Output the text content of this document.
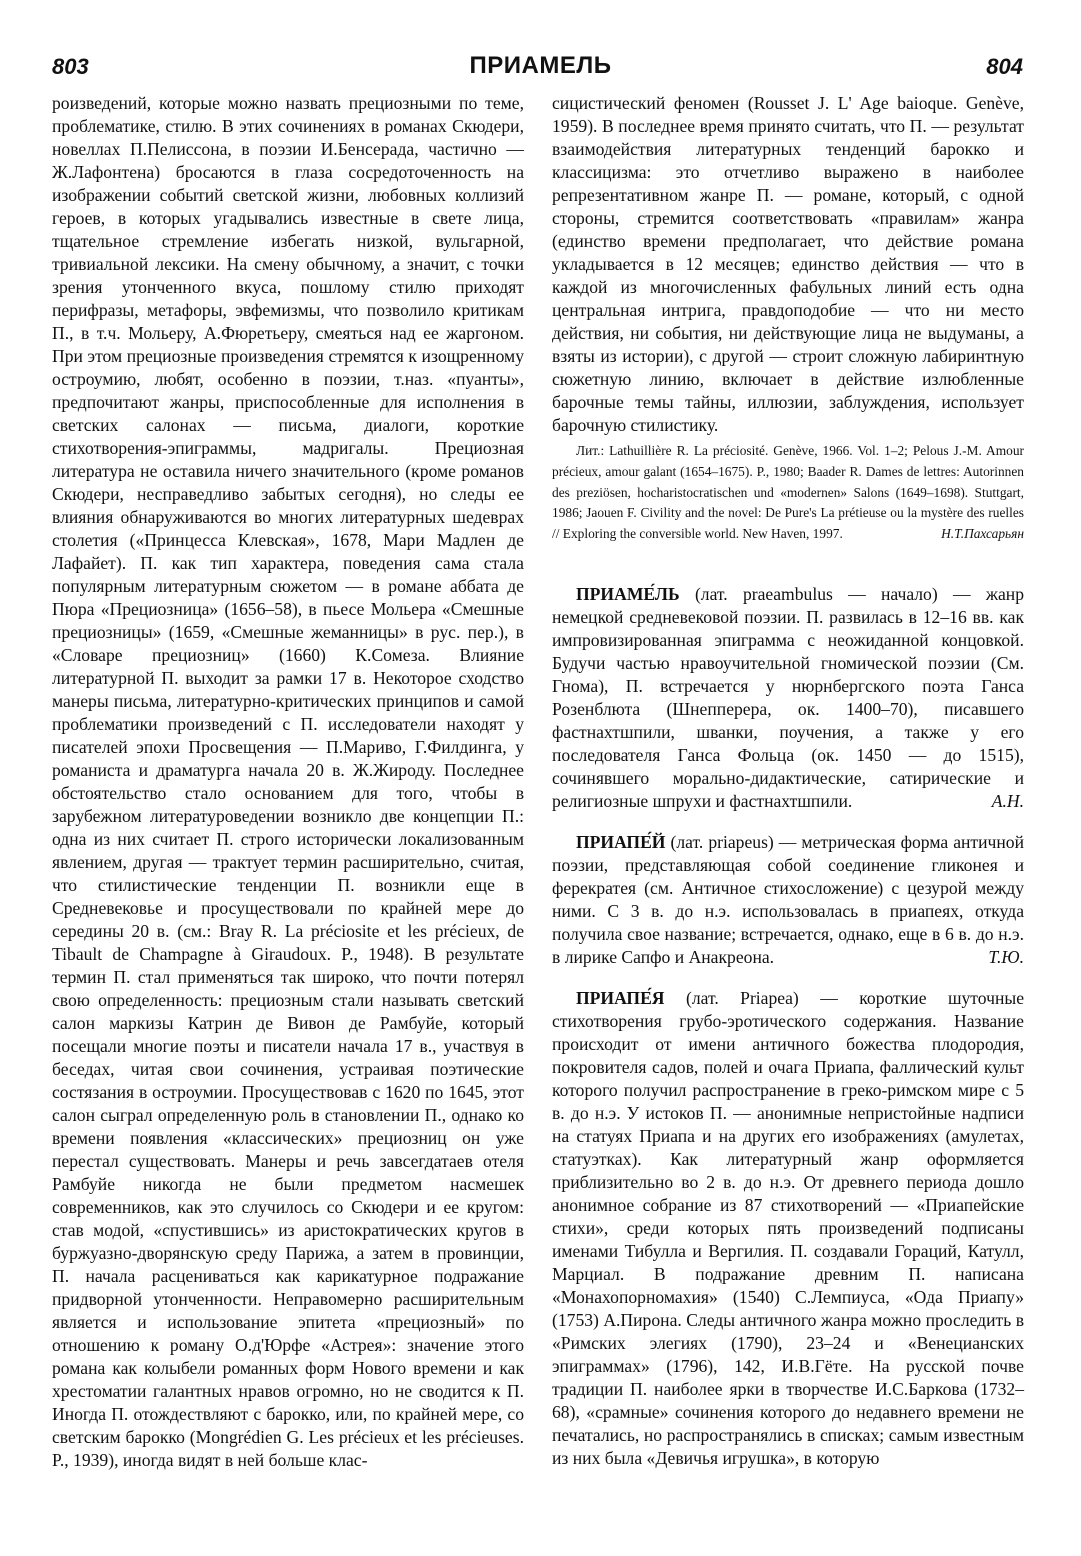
803	ПРИАМЕЛЬ	804

роизведений, которые можно назвать прециозными по теме, проблематике, стилю. В этих сочинениях в романах Скюдери, новеллах П.Пелиссона, в поэзии И.Бенсерада, частично — Ж.Лафонтена) бросаются в глаза сосредоточенность на изображении событий светской жизни, любовных коллизий героев, в которых угадывались известные в свете лица, тщательное стремление избегать низкой, вульгарной, тривиальной лексики. На смену обычному, а значит, с точки зрения утонченного вкуса, пошлому стилю приходят перифразы, метафоры, эвфемизмы, что позволило критикам П., в т.ч. Мольеру, А.Фюретьеру, смеяться над ее жаргоном. При этом прециозные произведения стремятся к изощренному остроумию, любят, особенно в поэзии, т.наз. «пуанты», предпочитают жанры, приспособленные для исполнения в светских салонах — письма, диалоги, короткие стихотворения-эпиграммы, мадригалы. Прециозная литература не оставила ничего значительного (кроме романов Скюдери, несправедливо забытых сегодня), но следы ее влияния обнаруживаются во многих литературных шедеврах столетия («Принцесса Клевская», 1678, Мари Мадлен де Лафайет). П. как тип характера, поведения сама стала популярным литературным сюжетом — в романе аббата де Пюра «Прециозница» (1656–58), в пьесе Мольера «Смешные прециозницы» (1659, «Смешные жеманницы» в рус. пер.), в «Словаре прециозниц» (1660) К.Сомеза. Влияние литературной П. выходит за рамки 17 в. Некоторое сходство манеры письма, литературно-критических принципов и самой проблематики произведений с П. исследователи находят у писателей эпохи Просвещения — П.Мариво, Г.Филдинга, у романиста и драматурга начала 20 в. Ж.Жироду. Последнее обстоятельство стало основанием для того, чтобы в зарубежном литературоведении возникло две концепции П.: одна из них считает П. строго исторически локализованным явлением, другая — трактует термин расширительно, считая, что стилистические тенденции П. возникли еще в Средневековье и просуществовали по крайней мере до середины 20 в. (см.: Bray R. La préciosite et les précieux, de Tibault de Champagne à Giraudoux. P., 1948). В результате термин П. стал применяться так широко, что почти потерял свою определенность: прециозным стали называть светский салон маркизы Катрин де Вивон де Рамбуйе, который посещали многие поэты и писатели начала 17 в., участвуя в беседах, читая свои сочинения, устраивая поэтические состязания в остроумии. Просуществовав с 1620 по 1645, этот салон сыграл определенную роль в становлении П., однако ко времени появления «классических» прециозниц он уже перестал существовать. Манеры и речь завсегдатаев отеля Рамбуйе никогда не были предметом насмешек современников, как это случилось со Скюдери и ее кругом: став модой, «спустившись» из аристократических кругов в буржуазно-дворянскую среду Парижа, а затем в провинции, П. начала расцениваться как карикатурное подражание придворной утонченности. Неправомерно расширительным является и использование эпитета «прециозный» по отношению к роману О.д'Юрфе «Астрея»: значение этого романа как колыбели романных форм Нового времени и как хрестоматии галантных нравов огромно, но не сводится к П. Иногда П. отождествляют с барокко, или, по крайней мере, со светским барокко (Mongrédien G. Les précieux et les précieuses. P., 1939), иногда видят в ней больше клас-

сицистический феномен (Rousset J. L' Age baioque. Genève, 1959). В последнее время принято считать, что П. — результат взаимодействия литературных тенденций барокко и классицизма: это отчетливо выражено в наиболее репрезентативном жанре П. — романе, который, с одной стороны, стремится соответствовать «правилам» жанра (единство времени предполагает, что действие романа укладывается в 12 месяцев; единство действия — что в каждой из многочисленных фабульных линий есть одна центральная интрига, правдоподобие — что ни место действия, ни события, ни действующие лица не выдуманы, а взяты из истории), с другой — строит сложную лабиринтную сюжетную линию, включает в действие излюбленные барочные темы тайны, иллюзии, заблуждения, использует барочную стилистику.

Лит.: Lathuillière R. La préciosité. Genève, 1966. Vol. 1–2; Pelous J.-M. Amour précieux, amour galant (1654–1675). P., 1980; Baader R. Dames de lettres: Autorinnen des preziösen, hocharistocratischen und «modernen» Salons (1649–1698). Stuttgart, 1986; Jaouen F. Civility and the novel: De Pure's La prétieuse ou la mystère des ruelles // Exploring the conversible world. New Haven, 1997.	Н.Т.Пахсарьян

ПРИАМЕ́ЛЬ (лат. praeambulus — начало) — жанр немецкой средневековой поэзии. П. развилась в 12–16 вв. как импровизированная эпиграмма с неожиданной концовкой. Будучи частью нравоучительной гномической поэзии (См. Гнома), П. встречается у нюрнбергского поэта Ганса Розенблюта (Шнепперера, ок. 1400–70), писавшего фастнахтшпили, шванки, поучения, а также у его последователя Ганса Фольца (ок. 1450 — до 1515), сочинявшего морально-дидактические, сатирические и религиозные шпрухи и фастнахтшпили.	А.Н.

ПРИАПЕ́Й (лат. priapeus) — метрическая форма античной поэзии, представляющая собой соединение гликонея и ферекратея (см. Античное стихосложение) с цезурой между ними. С 3 в. до н.э. использовалась в приапеях, откуда получила свое название; встречается, однако, еще в 6 в. до н.э. в лирике Сапфо и Анакреона.	Т.Ю.

ПРИАПЕ́Я (лат. Priapea) — короткие шуточные стихотворения грубо-эротического содержания. Название происходит от имени античного божества плодородия, покровителя садов, полей и очага Приапа, фаллический культ которого получил распространение в греко-римском мире с 5 в. до н.э. У истоков П. — анонимные непристойные надписи на статуях Приапа и на других его изображениях (амулетах, статуэтках). Как литературный жанр оформляется приблизительно во 2 в. до н.э. От древнего периода дошло анонимное собрание из 87 стихотворений — «Приапейские стихи», среди которых пять произведений подписаны именами Тибулла и Вергилия. П. создавали Гораций, Катулл, Марциал. В подражание древним П. написана «Монахопорномахия» (1540) С.Лемпиуса, «Ода Приапу» (1753) А.Пирона. Следы античного жанра можно проследить в «Римских элегиях (1790), 23–24 и «Венецианских эпиграммах» (1796), 142, И.В.Гёте. На русской почве традиции П. наиболее ярки в творчестве И.С.Баркова (1732–68), «срамные» сочинения которого до недавнего времени не печатались, но распространялись в списках; самым известным из них была «Девичья игрушка», в которую
